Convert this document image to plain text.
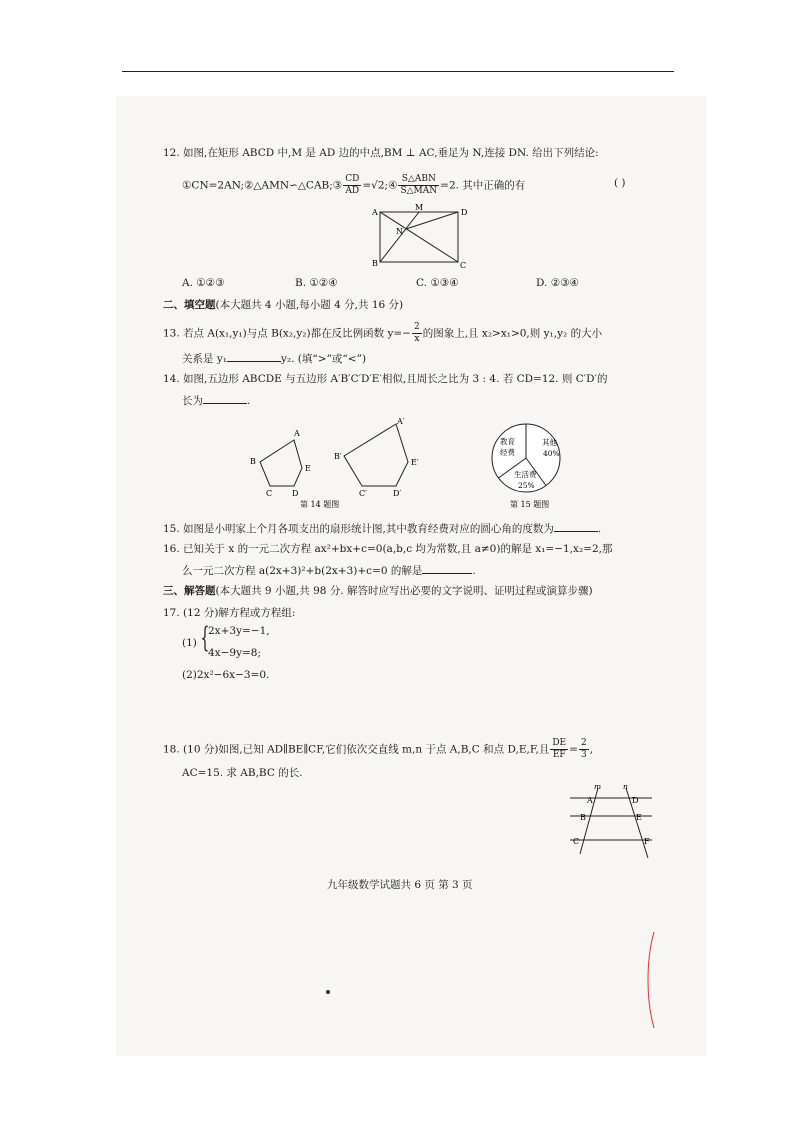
12. 如图,在矩形 ABCD 中,M 是 AD 边的中点,BM ⊥ AC,垂足为 N,连接 DN. 给出下列结论:
①CN=2AN;②△AMN∽△CAB;③ $\frac{CD}{AD}$ =√2;④ $\frac{\text{S△ABN}}{\text{S△MAN}} =2$. 其中正确的有	( )
A
M
D
N
B	C
A. ①②③	B. ①②④	C. ①③④	D. ②③④
二、填空题(本大题共 4 小题,每小题 4 分,共 16 分)
13. 若点 A(x₁,y₁)与点 B(x₂,y₂)都在反比例函数 $y=- \frac{2}{x}$ 的图象上,且 x₂>x₁>0,则 y₁,y₂ 的大小
关系是 y₁	y₂. (填“>”或“<”)
14. 如图,五边形 ABCDE 与五边形 A′B′C′D′E′相似,且周长之比为 3 : 4. 若 CD=12. 则 C′D′的
长为	.
A
B
C D
E
A′
B′
C′	D′
E′
第 14 题图
教育
经费
其他
40%
生活费
25%
第 15 题图
15. 如图是小明家上个月各项支出的扇形统计图,其中教育经费对应的圆心角的度数为	.
16. 已知关于 x 的一元二次方程 ax²+bx+c=0(a,b,c 均为常数,且 a≠0)的解是 x₁=−1,x₂=2,那
么一元二次方程 a(2x+3)²+b(2x+3)+c=0 的解是	.
三、解答题(本大题共 9 小题,共 98 分. 解答时应写出必要的文字说明、证明过程或演算步骤)
17. (12 分)解方程或方程组:
(1) {
2x+3y=−1,
4x−9y=8;
(2)2x²−6x−3=0.
18. (10 分)如图,已知 AD∥BE∥CF,它们依次交直线 m,n 于点 A,B,C 和点 D,E,F,且 $\frac{DE}{EF} = \frac{2}{3}$ ,
AC=15. 求 AB,BC 的长.
m	n
A	D
B	E
C	F
九年级数学试题共 6 页 第 3 页
